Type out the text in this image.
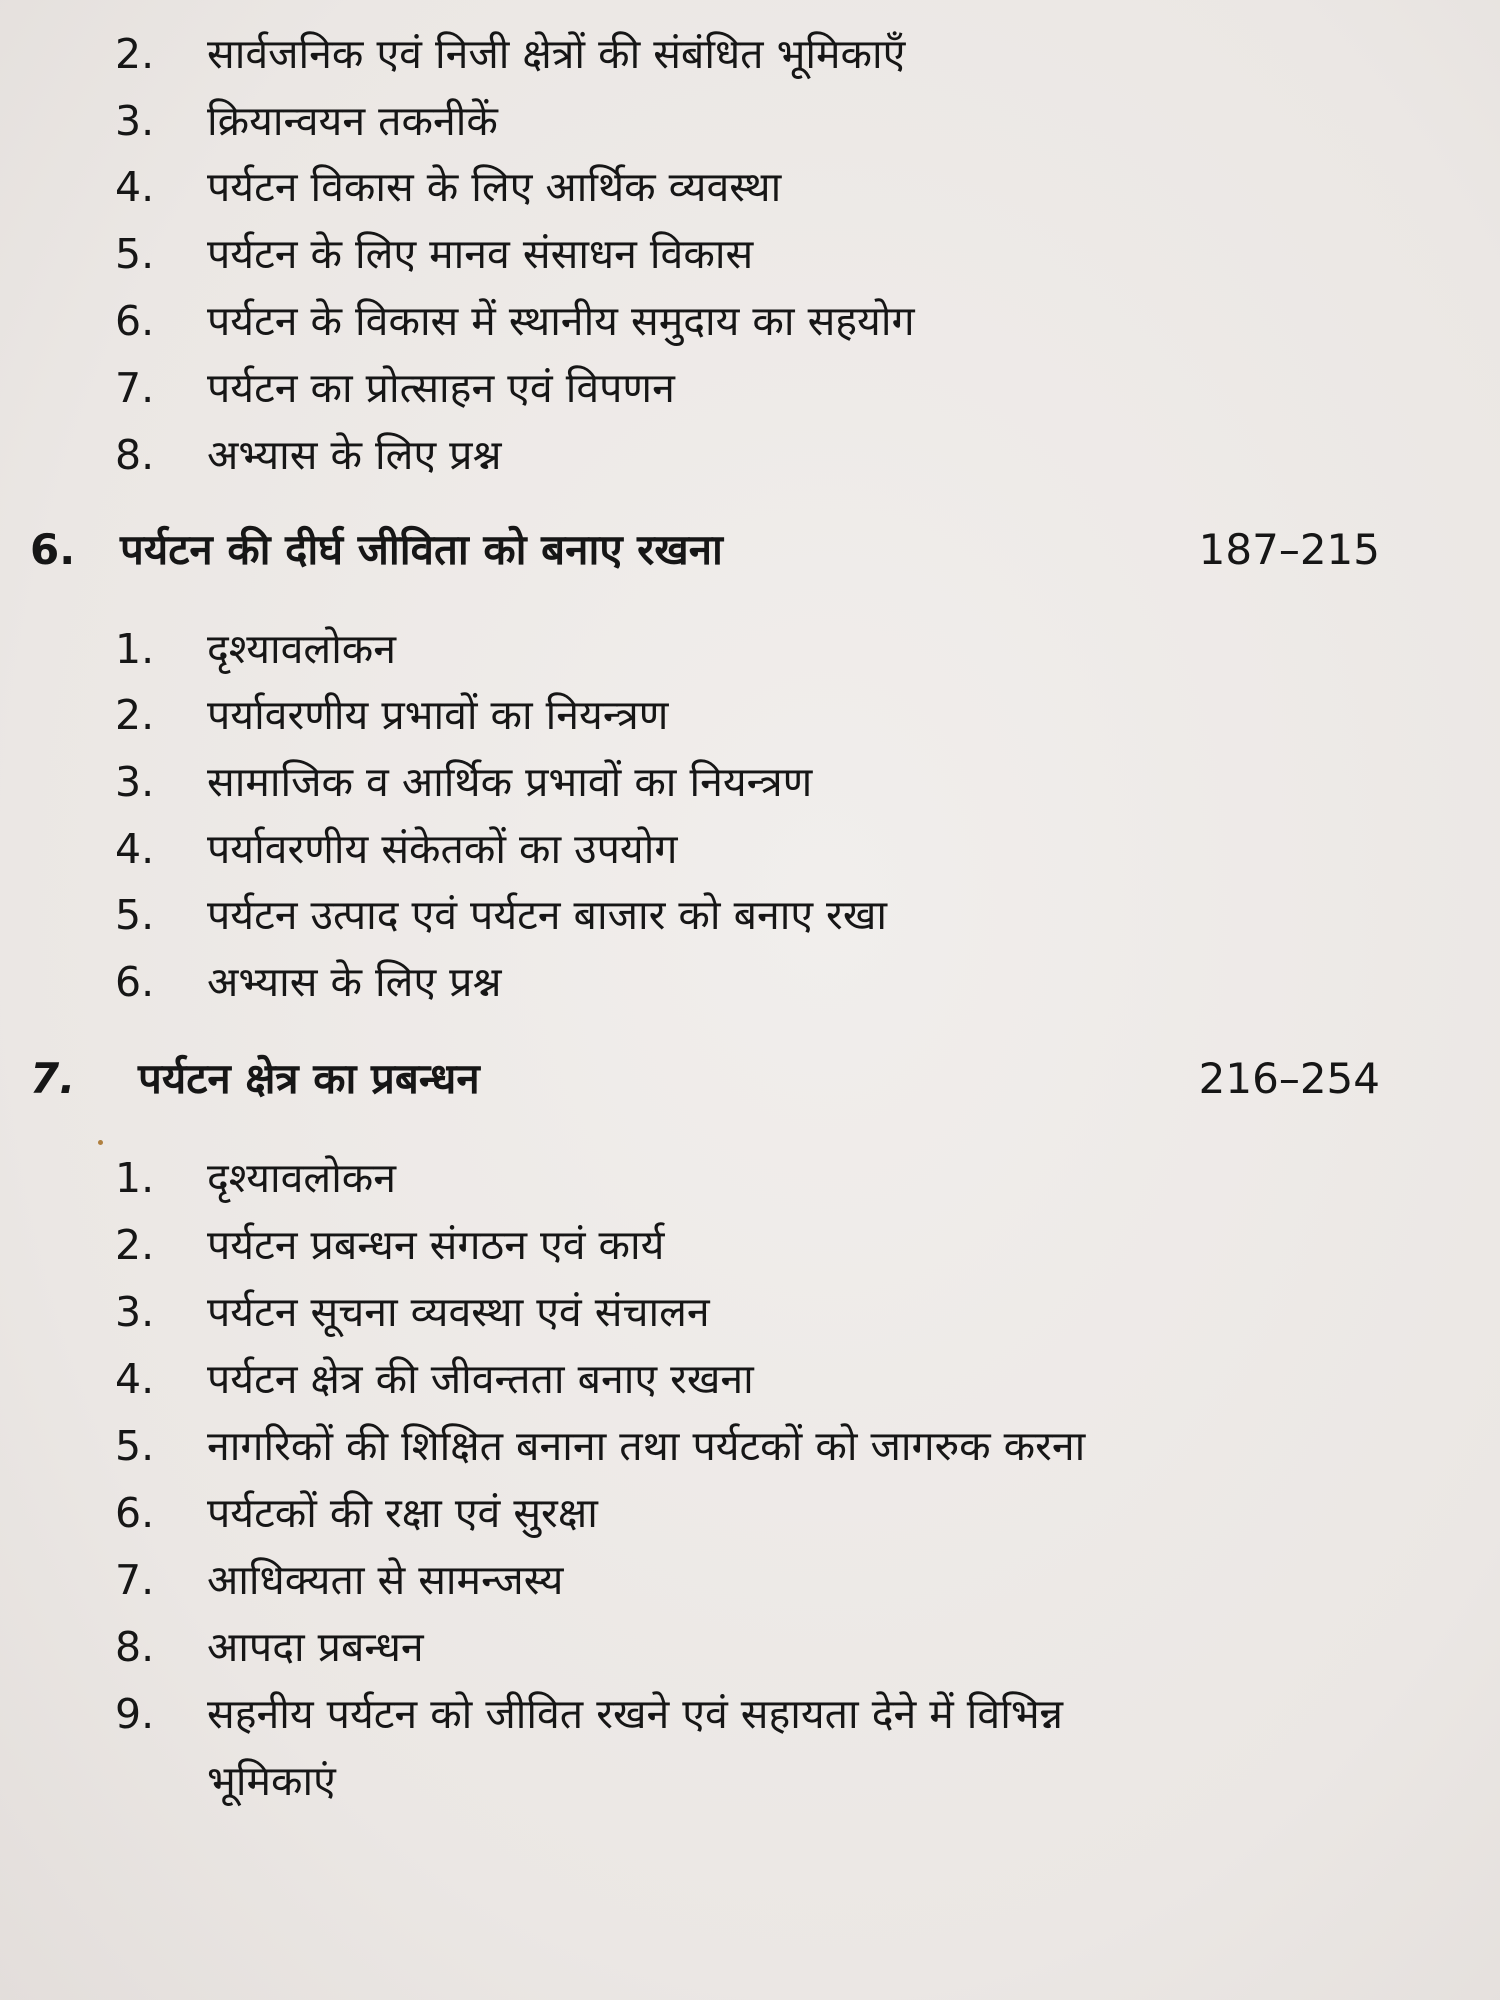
2. सार्वजनिक एवं निजी क्षेत्रों की संबंधित भूमिकाएँ
3. क्रियान्वयन तकनीकें
4. पर्यटन विकास के लिए आर्थिक व्यवस्था
5. पर्यटन के लिए मानव संसाधन विकास
6. पर्यटन के विकास में स्थानीय समुदाय का सहयोग
7. पर्यटन का प्रोत्साहन एवं विपणन
8. अभ्यास के लिए प्रश्न
6. पर्यटन की दीर्घ जीविता को बनाए रखना	187–215
1. दृश्यावलोकन
2. पर्यावरणीय प्रभावों का नियन्त्रण
3. सामाजिक व आर्थिक प्रभावों का नियन्त्रण
4. पर्यावरणीय संकेतकों का उपयोग
5. पर्यटन उत्पाद एवं पर्यटन बाजार को बनाए रखा
6. अभ्यास के लिए प्रश्न
7. पर्यटन क्षेत्र का प्रबन्धन	216–254
1. दृश्यावलोकन
2. पर्यटन प्रबन्धन संगठन एवं कार्य
3. पर्यटन सूचना व्यवस्था एवं संचालन
4. पर्यटन क्षेत्र की जीवन्तता बनाए रखना
5. नागरिकों की शिक्षित बनाना तथा पर्यटकों को जागरुक करना
6. पर्यटकों की रक्षा एवं सुरक्षा
7. आधिक्यता से सामन्जस्य
8. आपदा प्रबन्धन
9. सहनीय पर्यटन को जीवित रखने एवं सहायता देने में विभिन्न
भूमिकाएं
